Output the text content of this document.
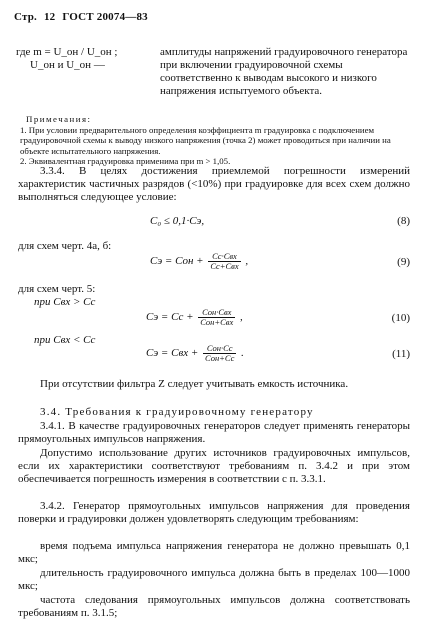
Стр. 12 ГОСТ 20074—83
где m = U_он / U_он ;
U_он и U_он —
амплитуды напряжений градуировочного генератора при включении градуировочной схемы соответственно к выводам высокого и низкого напряжения испытуемого объекта.
Примечания:
1. При условии предварительного определения коэффициента m градуировка с подключением градуировочной схемы к выводу низкого напряжения (точка 2) может проводиться при наличии на объекте испытательного напряжения.
2. Эквивалентная градуировка применима при m > 1,05.
3.3.4. В целях достижения приемлемой погрешности измерений характеристик частичных разрядов (<10%) при градуировке для всех схем должно выполняться следующее условие:
C₀ ≤ 0,1·Cэ,	(8)
для схем черт. 4а, б:
Cэ = Cон + $\frac{\text{Cс·Cвх}}{\text{Cс+Cвх}}$ ,	(9)
для схем черт. 5:
при Cвх > Cс
Cэ = Cс + $\frac{\text{Cон·Cвх}}{\text{Cон+Cвх}}$ ,	(10)
при Cвх < Cс
Cэ = Cвх + $\frac{\text{Cон·Cс}}{\text{Cон+Cс}}$ .	(11)
При отсутствии фильтра Z следует учитывать емкость источника.
3.4. Требования к градуировочному генератору
3.4.1. В качестве градуировочных генераторов следует применять генераторы прямоугольных импульсов напряжения.
Допустимо использование других источников градуировочных импульсов, если их характеристики соответствуют требованиям п. 3.4.2 и при этом обеспечивается погрешность измерения в соответствии с п. 3.3.1.
3.4.2. Генератор прямоугольных импульсов напряжения для проведения поверки и градуировки должен удовлетворять следующим требованиям:
время подъема импульса напряжения генератора не должно превышать 0,1 мкс;
длительность градуировочного импульса должна быть в пределах 100—1000 мкс;
частота следования прямоугольных импульсов должна соответствовать требованиям п. 3.1.5;
